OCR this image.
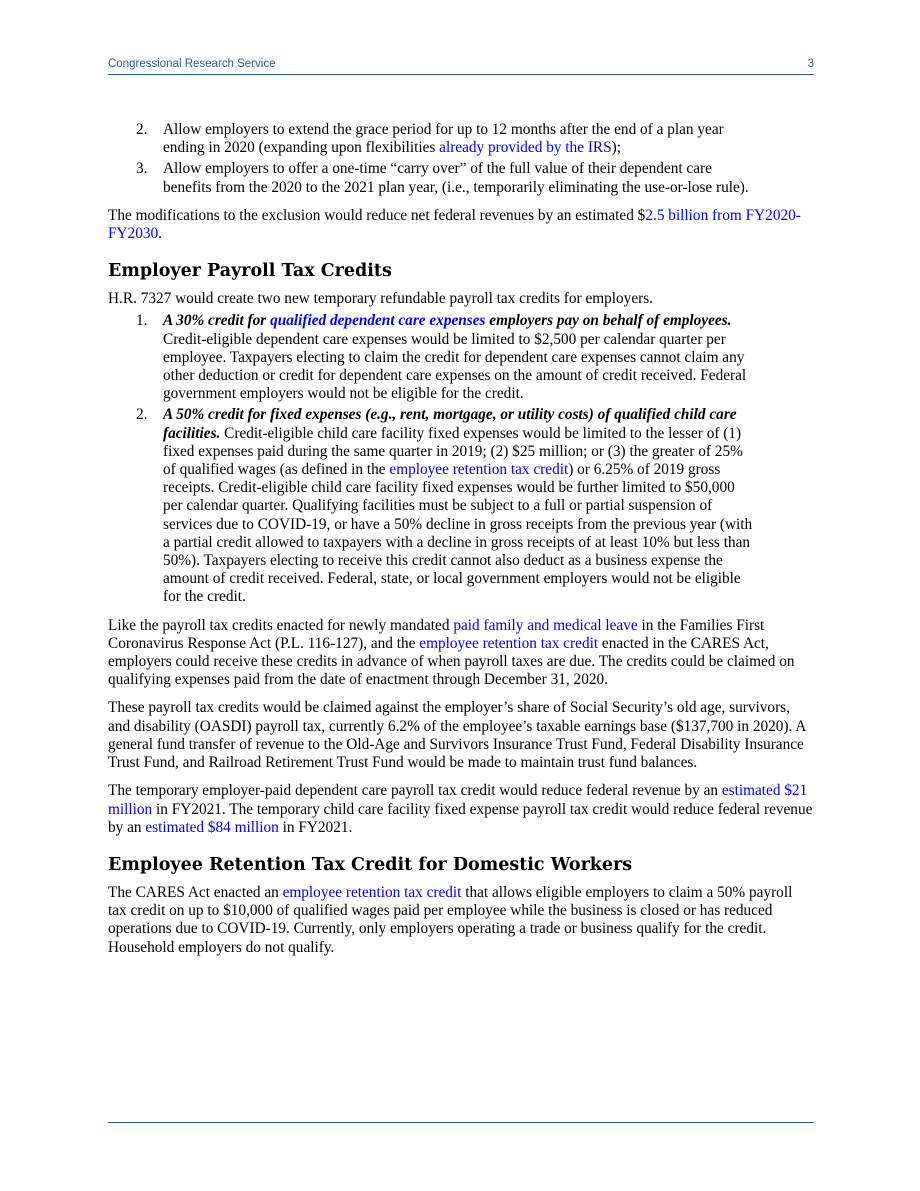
Congressional Research Service	3
2. Allow employers to extend the grace period for up to 12 months after the end of a plan year ending in 2020 (expanding upon flexibilities already provided by the IRS);
3. Allow employers to offer a one-time “carry over” of the full value of their dependent care benefits from the 2020 to the 2021 plan year, (i.e., temporarily eliminating the use-or-lose rule).

The modifications to the exclusion would reduce net federal revenues by an estimated $2.5 billion from FY2020-FY2030.

Employer Payroll Tax Credits

H.R. 7327 would create two new temporary refundable payroll tax credits for employers.

1. A 30% credit for qualified dependent care expenses employers pay on behalf of employees. Credit-eligible dependent care expenses would be limited to $2,500 per calendar quarter per employee. Taxpayers electing to claim the credit for dependent care expenses cannot claim any other deduction or credit for dependent care expenses on the amount of credit received. Federal government employers would not be eligible for the credit.
2. A 50% credit for fixed expenses (e.g., rent, mortgage, or utility costs) of qualified child care facilities. Credit-eligible child care facility fixed expenses would be limited to the lesser of (1) fixed expenses paid during the same quarter in 2019; (2) $25 million; or (3) the greater of 25% of qualified wages (as defined in the employee retention tax credit) or 6.25% of 2019 gross receipts. Credit-eligible child care facility fixed expenses would be further limited to $50,000 per calendar quarter. Qualifying facilities must be subject to a full or partial suspension of services due to COVID-19, or have a 50% decline in gross receipts from the previous year (with a partial credit allowed to taxpayers with a decline in gross receipts of at least 10% but less than 50%). Taxpayers electing to receive this credit cannot also deduct as a business expense the amount of credit received. Federal, state, or local government employers would not be eligible for the credit.

Like the payroll tax credits enacted for newly mandated paid family and medical leave in the Families First Coronavirus Response Act (P.L. 116-127), and the employee retention tax credit enacted in the CARES Act, employers could receive these credits in advance of when payroll taxes are due. The credits could be claimed on qualifying expenses paid from the date of enactment through December 31, 2020.

These payroll tax credits would be claimed against the employer’s share of Social Security’s old age, survivors, and disability (OASDI) payroll tax, currently 6.2% of the employee’s taxable earnings base ($137,700 in 2020). A general fund transfer of revenue to the Old-Age and Survivors Insurance Trust Fund, Federal Disability Insurance Trust Fund, and Railroad Retirement Trust Fund would be made to maintain trust fund balances.

The temporary employer-paid dependent care payroll tax credit would reduce federal revenue by an estimated $21 million in FY2021. The temporary child care facility fixed expense payroll tax credit would reduce federal revenue by an estimated $84 million in FY2021.

Employee Retention Tax Credit for Domestic Workers

The CARES Act enacted an employee retention tax credit that allows eligible employers to claim a 50% payroll tax credit on up to $10,000 of qualified wages paid per employee while the business is closed or has reduced operations due to COVID-19. Currently, only employers operating a trade or business qualify for the credit. Household employers do not qualify.
